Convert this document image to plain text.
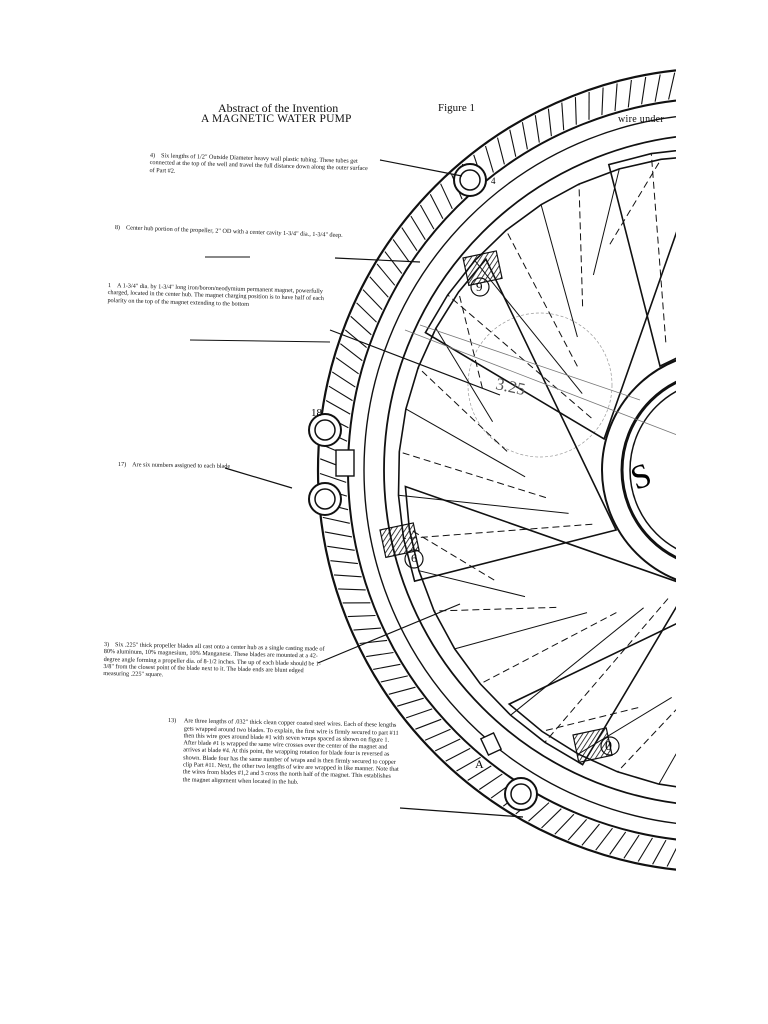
S
3.25
9
6
0
18
A
4
Abstract of the Invention
A MAGNETIC WATER PUMP
Figure 1
wire under
4) Six lengths of 1/2" Outside Diameter heavy wall plastic tubing. These tubes get connected at the top of the well and travel the full distance down along the outer surface of Part #2.
8) Center hub portion of the propeller, 2" OD with a center cavity 1-3/4" dia., 1-3/4" deep.
1 A 1-3/4" dia. by 1-3/4" long iron/boron/neodymium permanent magnet, powerfully charged, located in the center hub. The magnet charging position is to have half of each polarity on the top of the magnet extending to the bottom
17) Are six numbers assigned to each blade
3) Six .225" thick propeller blades all cast onto a center hub as a single casting made of 80% aluminum, 10% magnesium, 10% Manganese. These blades are mounted at a 42-degree angle forming a propeller dia. of 8-1/2 inches. The up of each blade should be 1-3/8" from the closest point of the blade next to it. The blade ends are blunt edged measuring .225" square.
13) Are three lengths of .032" thick clean copper coated steel wires. Each of these lengths gets wrapped around two blades. To explain, the first wire is firmly secured to part #11 then this wire goes around blade #1 with seven wraps spaced as shown on figure 1. After blade #1 is wrapped the same wire crosses over the center of the magnet and arrives at blade #4. At this point, the wrapping rotation for blade four is reversed as shown. Blade four has the same number of wraps and is then firmly secured to copper clip Part #11. Next, the other two lengths of wire are wrapped in like manner. Note that the wires from blades #1,2 and 3 cross the north half of the magnet. This establishes the magnet alignment when located in the hub.
